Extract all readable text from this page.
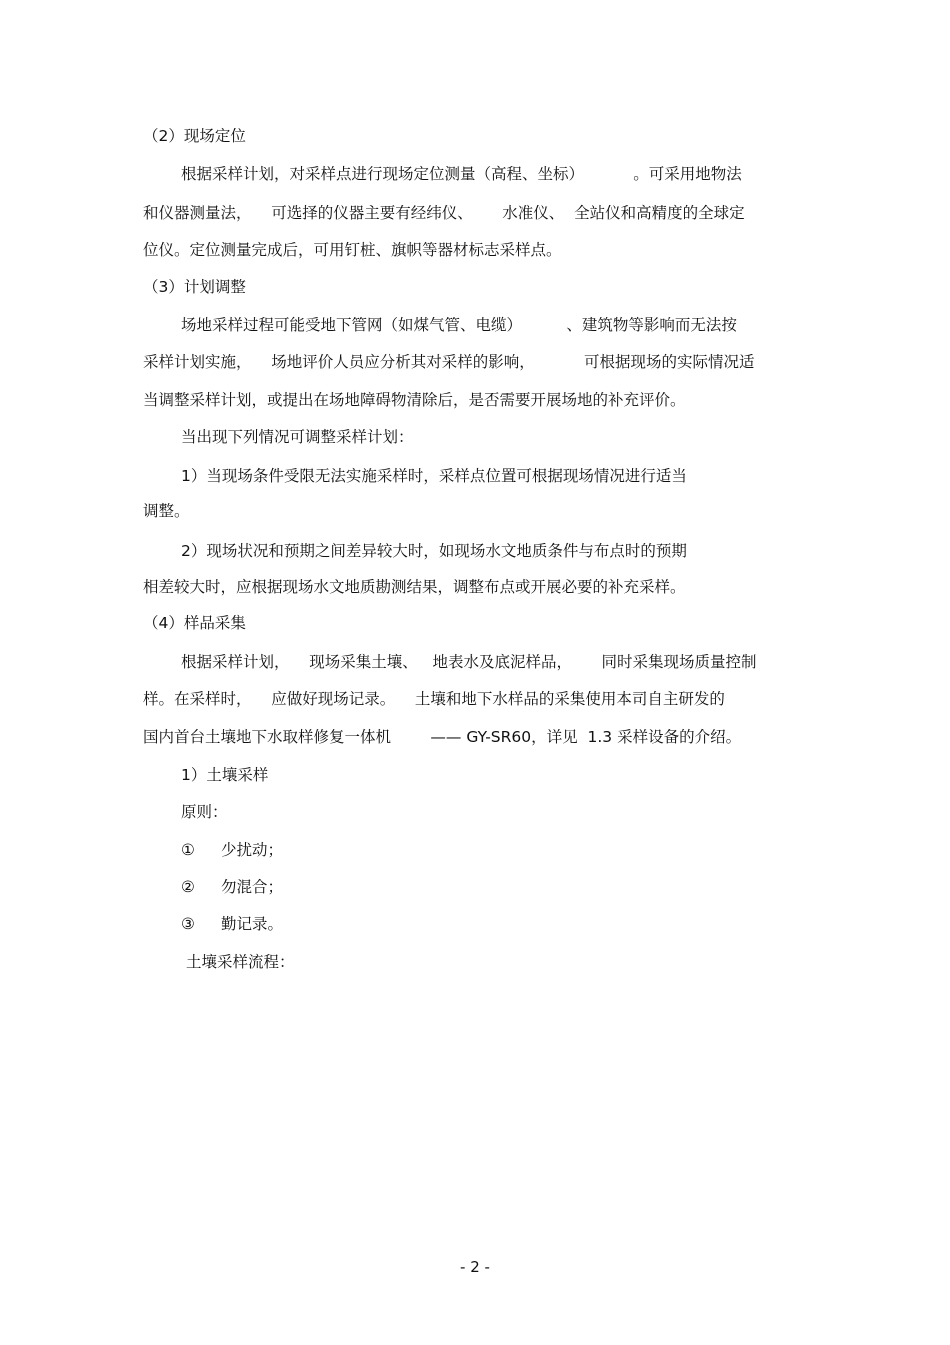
（2）现场定位

根据采样计划，对采样点进行现场定位测量（高程、坐标）          。可采用地物法

和仪器测量法，    可选择的仪器主要有经纬仪、      水准仪、  全站仪和高精度的全球定

位仪。定位测量完成后，可用钉桩、旗帜等器材标志采样点。

（3）计划调整

场地采样过程可能受地下管网（如煤气管、电缆）         、建筑物等影响而无法按

采样计划实施，    场地评价人员应分析其对采样的影响，          可根据现场的实际情况适

当调整采样计划，或提出在场地障碍物清除后，是否需要开展场地的补充评价。

当出现下列情况可调整采样计划：

1）当现场条件受限无法实施采样时，采样点位置可根据现场情况进行适当

调整。

2）现场状况和预期之间差异较大时，如现场水文地质条件与布点时的预期

相差较大时，应根据现场水文地质勘测结果，调整布点或开展必要的补充采样。

（4）样品采集

根据采样计划，    现场采集土壤、   地表水及底泥样品，      同时采集现场质量控制

样。在采样时，    应做好现场记录。    土壤和地下水样品的采集使用本司自主研发的

国内首台土壤地下水取样修复一体机        —— GY-SR60，详见  1.3 采样设备的介绍。

1）土壤采样

原则：

① 少扰动；

② 勿混合；

③ 勤记录。

土壤采样流程：

- 2 -
